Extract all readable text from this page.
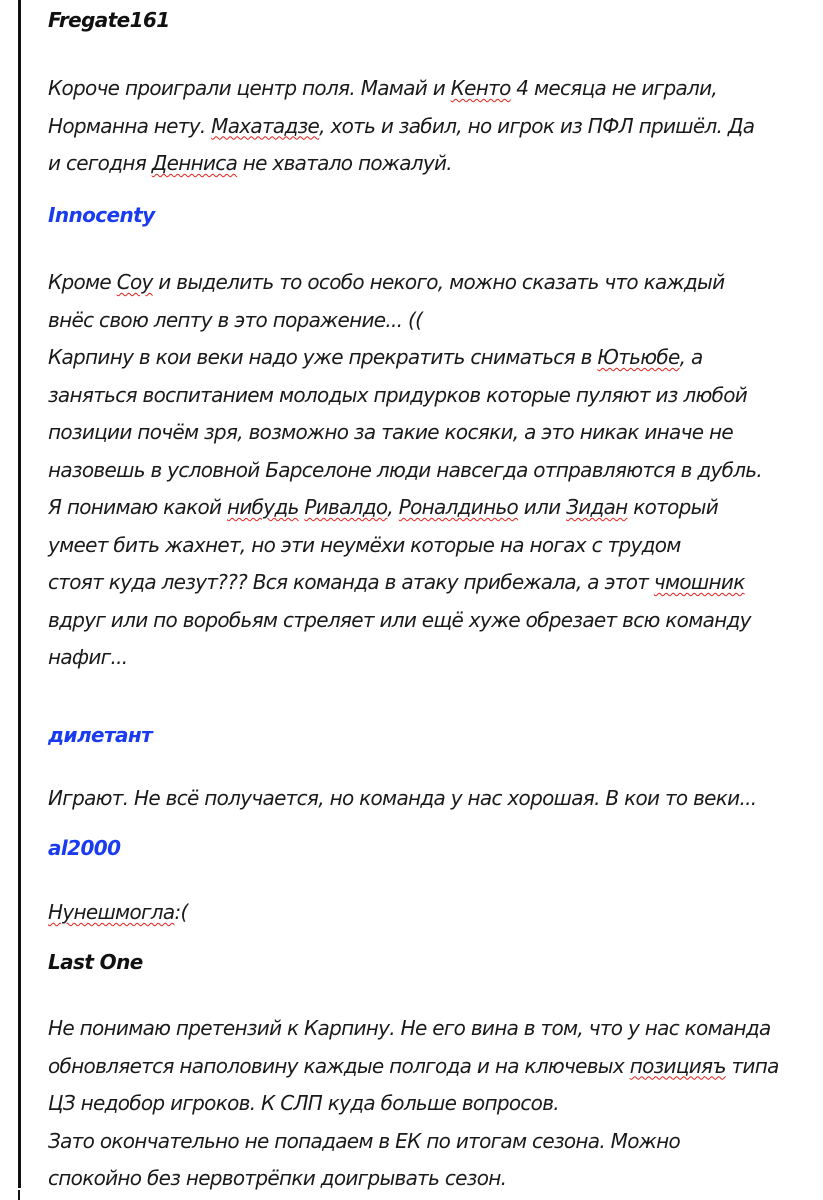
Fregate161
Короче проиграли центр поля. Мамай и Кенто 4 месяца не играли,
Норманна нету. Махатадзе, хоть и забил, но игрок из ПФЛ пришёл. Да
и сегодня Денниса не хватало пожалуй.
Innocenty
Кроме Соу и выделить то особо некого, можно сказать что каждый
внёс свою лепту в это поражение... ((
Карпину в кои веки надо уже прекратить сниматься в Ютьюбе, а
заняться воспитанием молодых придурков которые пуляют из любой
позиции почём зря, возможно за такие косяки, а это никак иначе не
назовешь в условной Барселоне люди навсегда отправляются в дубль.
Я понимаю какой нибудь Ривалдо, Роналдиньо или Зидан который
умеет бить жахнет, но эти неумёхи которые на ногах с трудом
стоят куда лезут??? Вся команда в атаку прибежала, а этот чмошник
вдруг или по воробьям стреляет или ещё хуже обрезает всю команду
нафиг...
дилетант
Играют. Не всё получается, но команда у нас хорошая. В кои то веки...
al2000
Нунешмогла:(
Last One
Не понимаю претензий к Карпину. Не его вина в том, что у нас команда
обновляется наполовину каждые полгода и на ключевых позицияъ типа
ЦЗ недобор игроков. К СЛП куда больше вопросов.
Зато окончательно не попадаем в ЕК по итогам сезона. Можно
спокойно без нервотрёпки доигрывать сезон.
